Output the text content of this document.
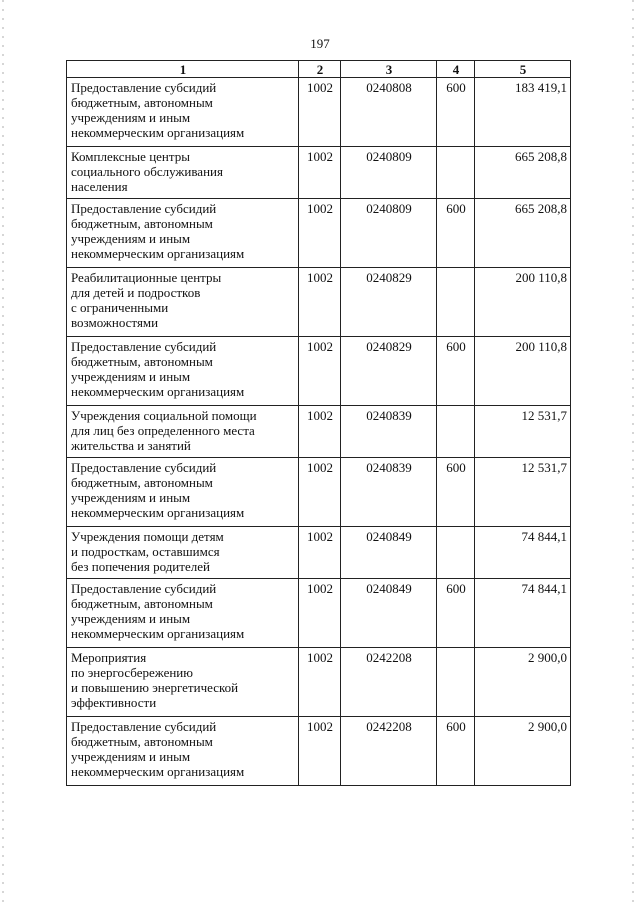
197
1	2	3	4	5
Предоставление субсидий
бюджетным, автономным
учреждениям и иным
некоммерческим организациям	1002	0240808	600	183 419,1
Комплексные центры
социального обслуживания
населения	1002	0240809		665 208,8
Предоставление субсидий
бюджетным, автономным
учреждениям и иным
некоммерческим организациям	1002	0240809	600	665 208,8
Реабилитационные центры
для детей и подростков
с ограниченными
возможностями	1002	0240829		200 110,8
Предоставление субсидий
бюджетным, автономным
учреждениям и иным
некоммерческим организациям	1002	0240829	600	200 110,8
Учреждения социальной помощи
для лиц без определенного места
жительства и занятий	1002	0240839		12 531,7
Предоставление субсидий
бюджетным, автономным
учреждениям и иным
некоммерческим организациям	1002	0240839	600	12 531,7
Учреждения помощи детям
и подросткам, оставшимся
без попечения родителей	1002	0240849		74 844,1
Предоставление субсидий
бюджетным, автономным
учреждениям и иным
некоммерческим организациям	1002	0240849	600	74 844,1
Мероприятия
по энергосбережению
и повышению энергетической
эффективности	1002	0242208		2 900,0
Предоставление субсидий
бюджетным, автономным
учреждениям и иным
некоммерческим организациям	1002	0242208	600	2 900,0
